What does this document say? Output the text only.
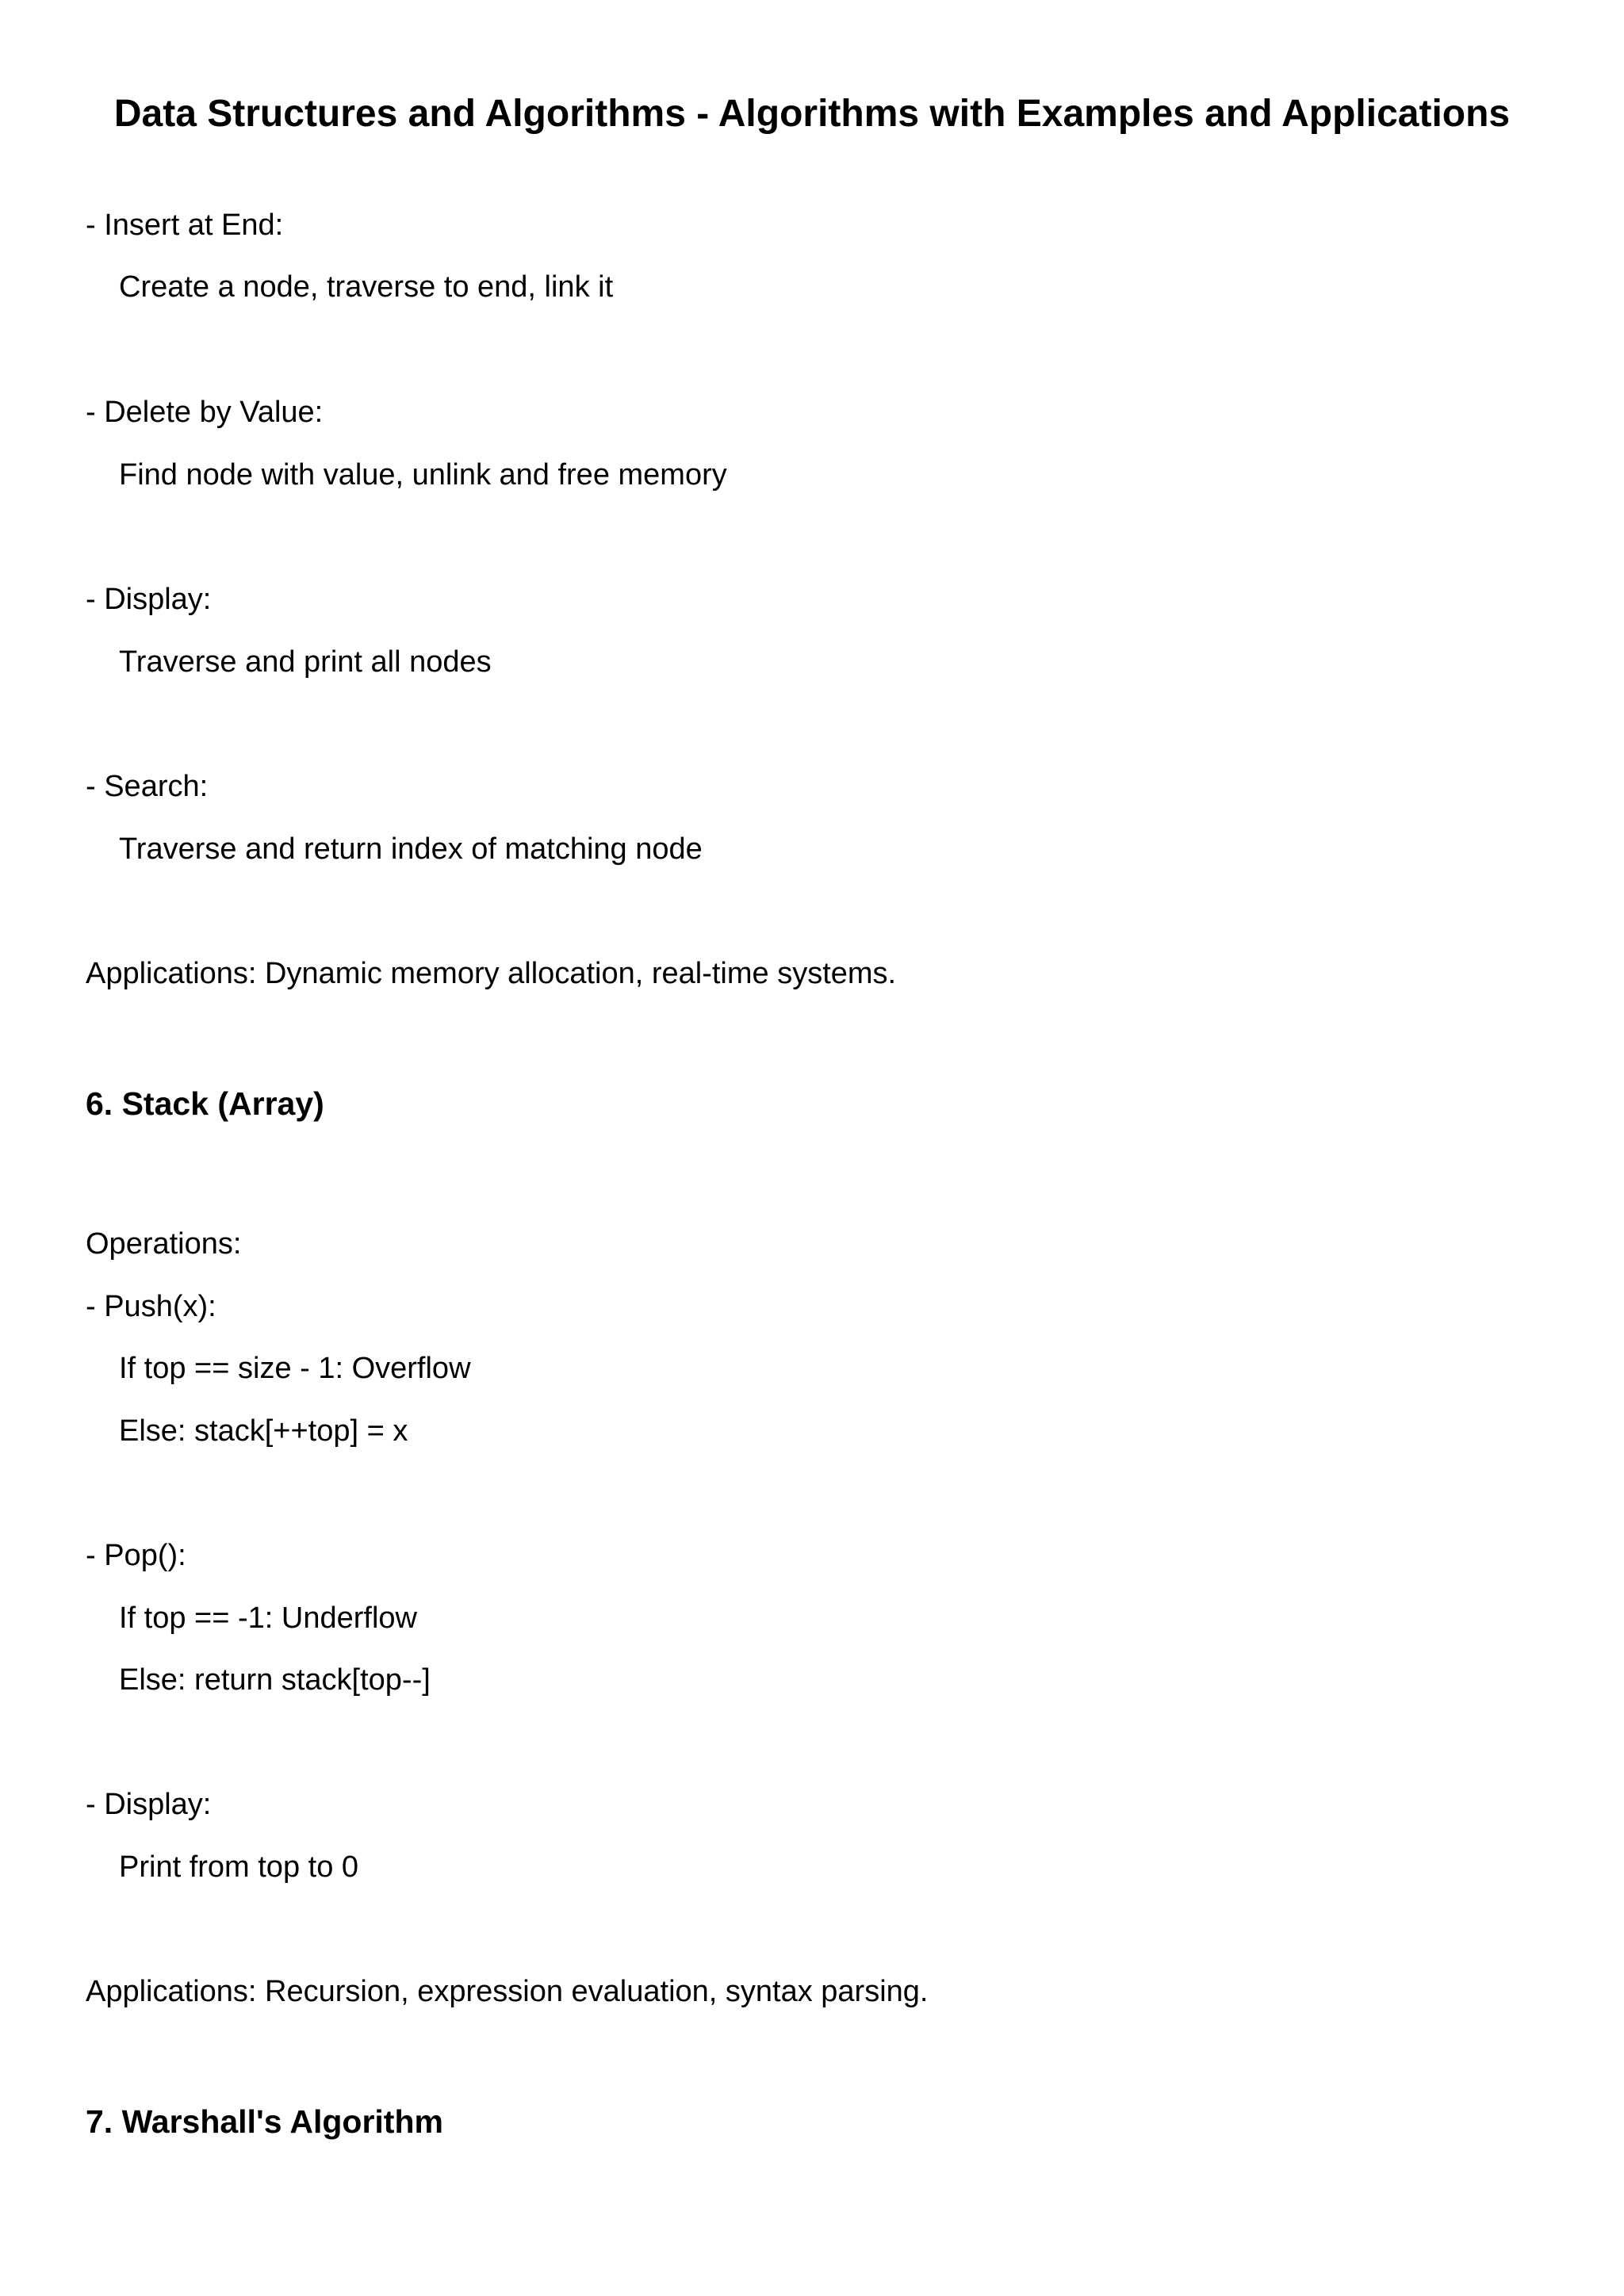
Data Structures and Algorithms - Algorithms with Examples and Applications

- Insert at End:

Create a node, traverse to end, link it

- Delete by Value:

Find node with value, unlink and free memory

- Display:

Traverse and print all nodes

- Search:

Traverse and return index of matching node

Applications: Dynamic memory allocation, real-time systems.

6. Stack (Array)

Operations:

- Push(x):

If top == size - 1: Overflow

Else: stack[++top] = x

- Pop():

If top == -1: Underflow

Else: return stack[top--]

- Display:

Print from top to 0

Applications: Recursion, expression evaluation, syntax parsing.

7. Warshall's Algorithm
